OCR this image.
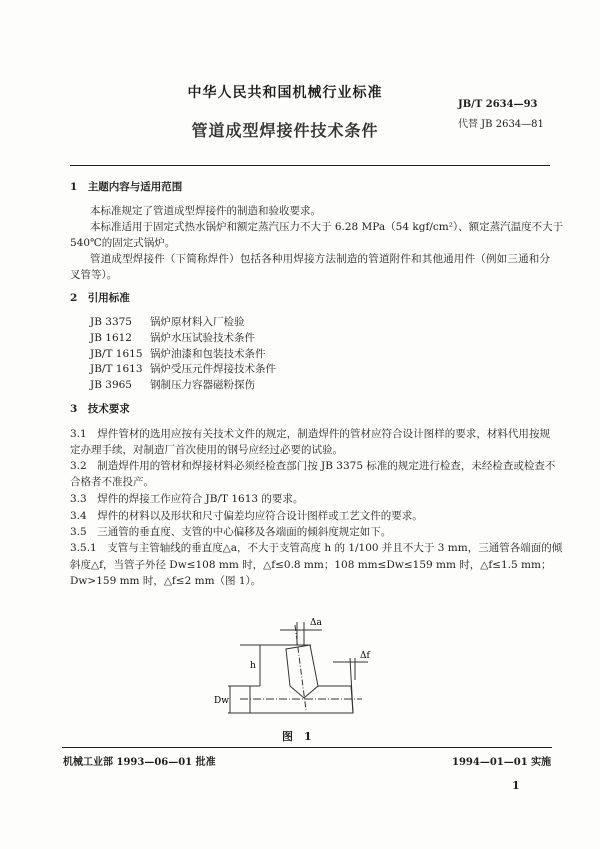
中华人民共和国机械行业标准
JB/T 2634—93
代替 JB 2634—81
管道成型焊接件技术条件
1　主题内容与适用范围
本标准规定了管道成型焊接件的制造和验收要求。
本标准适用于固定式热水锅炉和额定蒸汽压力不大于 6.28 MPa（54 kgf/cm²）、额定蒸汽温度不大于
540℃的固定式锅炉。
管道成型焊接件（下简称焊件）包括各种用焊接方法制造的管道附件和其他通用件（例如三通和分
叉管等）。
2　引用标准
JB 3375 锅炉原材料入厂检验
JB 1612 锅炉水压试验技术条件
JB/T 1615 锅炉油漆和包装技术条件
JB/T 1613 锅炉受压元件焊接技术条件
JB 3965 钢制压力容器磁粉探伤
3　技术要求
3.1　焊件管材的选用应按有关技术文件的规定，制造焊件的管材应符合设计图样的要求，材料代用按规
定办理手续，对制造厂首次使用的钢号应经过必要的试验。
3.2　制造焊件用的管材和焊接材料必须经检查部门按 JB 3375 标准的规定进行检查，未经检查或检查不
合格者不准投产。
3.3　焊件的焊接工作应符合 JB/T 1613 的要求。
3.4　焊件的材料以及形状和尺寸偏差均应符合设计图样或工艺文件的要求。
3.5　三通管的垂直度、支管的中心偏移及各端面的倾斜度规定如下。
3.5.1　支管与主管轴线的垂直度△a，不大于支管高度 h 的 1/100 并且不大于 3 mm，三通管各端面的倾
斜度△f，当管子外径 Dw≤108 mm 时，△f≤0.8 mm；108 mm≤Dw≤159 mm 时，△f≤1.5 mm；
Dw>159 mm 时，△f≤2 mm（图 1）。
Δa
Δf
h
Dw
图　1
机械工业部 1993—06—01 批准	1994—01—01 实施
1
